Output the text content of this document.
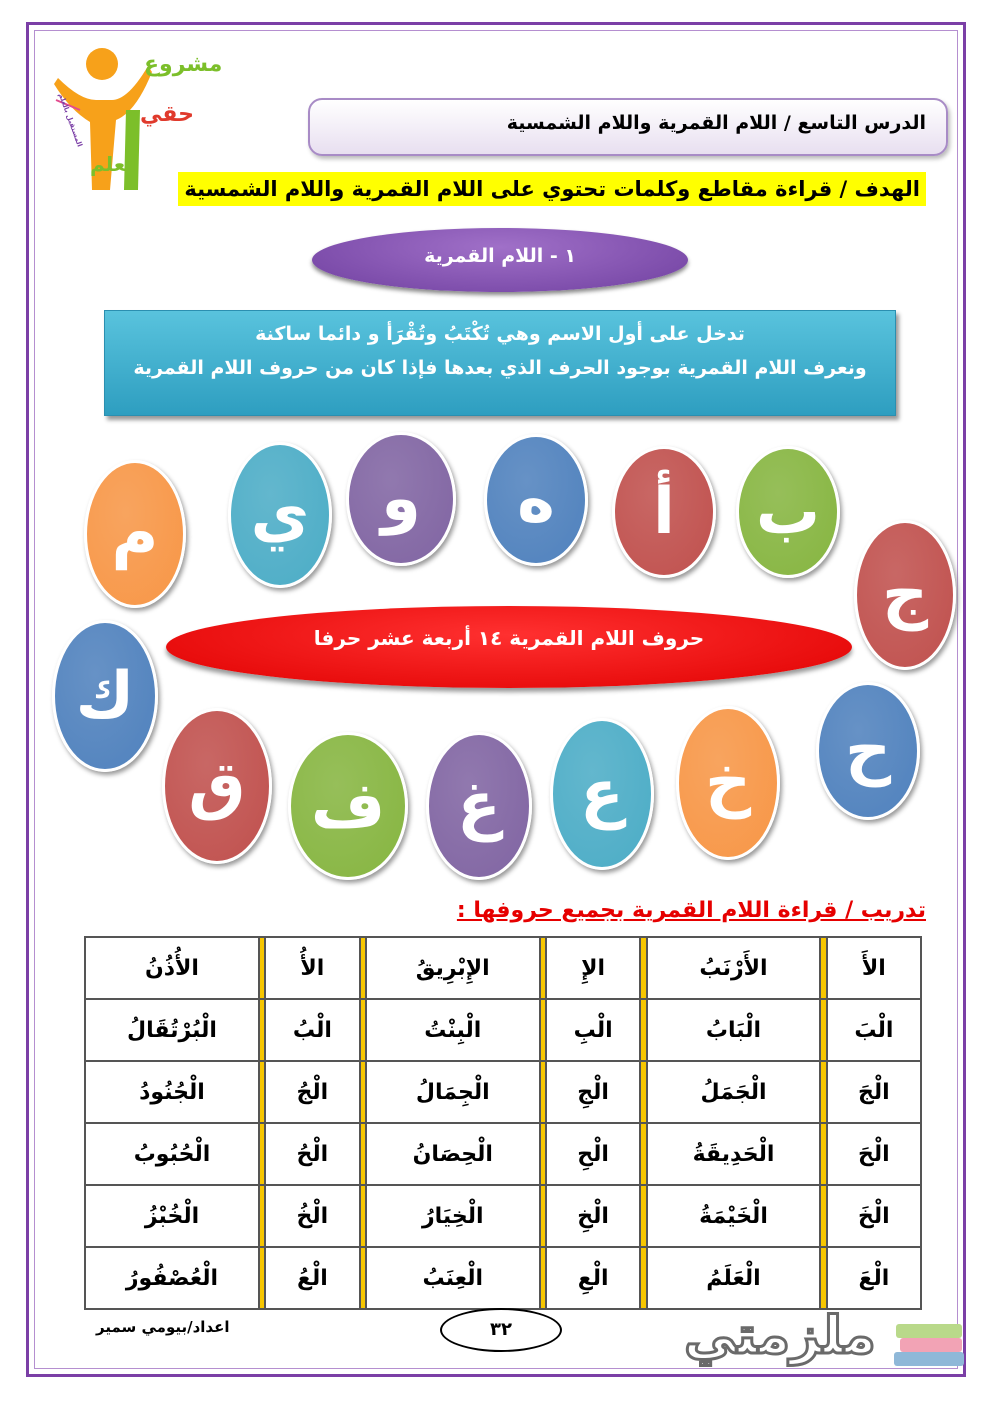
مشروع
حقي
أتعلم
المستقبل بالعلم	الدرس التاسع / اللام القمرية واللام الشمسية
الهدف / قراءة مقاطع وكلمات تحتوي على اللام القمرية واللام الشمسية
١ - اللام القمرية
تدخل على أول الاسم وهي تُكْتَبُ وتُقْرَأ و دائما ساكنة
ونعرف اللام القمرية بوجود الحرف الذي بعدها فإذا كان من حروف اللام القمرية
ب
أ
ه
و
ي
م
ج
ك
ح
خ
ع
غ
ف
ق
حروف اللام القمرية ١٤ أربعة عشر حرفا
تدريب / قراءة اللام القمرية بجميع حروفها :
الأَ		الأَرْنَبُ		الإِ		الإِبْرِيقُ		الأُ		الأُذُنُ
الْبَ		الْبَابُ		الْبِ		الْبِنْتُ		الْبُ		الْبُرْتُقَالُ
الْجَ		الْجَمَلُ		الْجِ		الْجِمَالُ		الْجُ		الْجُنُودُ
الْحَ		الْحَدِيقَةُ		الْحِ		الْحِصَانُ		الْحُ		الْحُبُوبُ
الْخَ		الْخَيْمَةُ		الْخِ		الْخِيَارُ		الْخُ		الْخُبْزُ
الْعَ		الْعَلَمُ		الْعِ		الْعِنَبُ		الْعُ		الْعُصْفُورُ
اعداد/بيومي سمير	٣٢	ملزمتي
